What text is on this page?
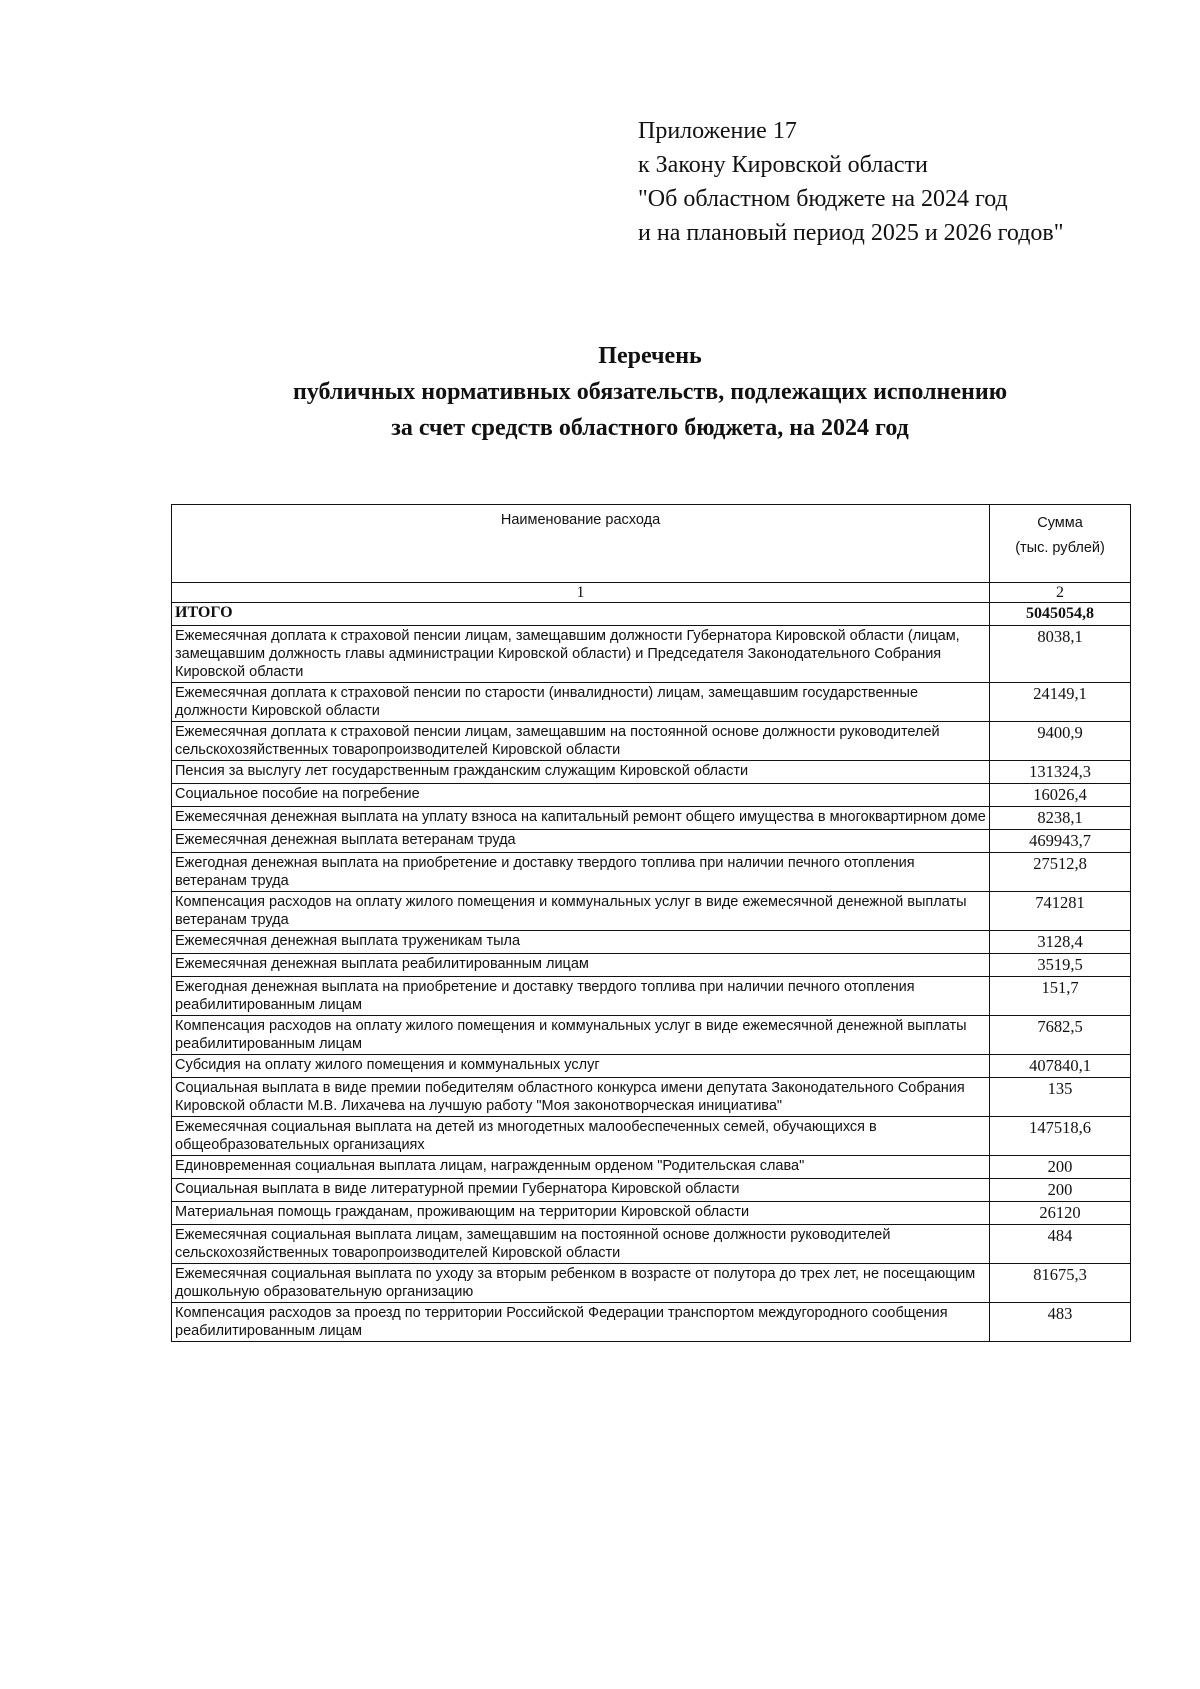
Приложение 17
к Закону Кировской области
"Об областном бюджете на 2024 год
и на плановый период 2025 и 2026 годов"
Перечень
публичных нормативных обязательств, подлежащих исполнению
за счет средств областного бюджета, на 2024 год
Наименование расхода	Сумма
(тыс. рублей)

1	2
ИТОГО	5045054,8
Ежемесячная доплата к страховой пенсии лицам, замещавшим должности Губернатора Кировской области (лицам, замещавшим должность главы администрации Кировской области) и Председателя Законодательного Собрания Кировской области	8038,1
Ежемесячная доплата к страховой пенсии по старости (инвалидности) лицам, замещавшим государственные должности Кировской области	24149,1
Ежемесячная доплата к страховой пенсии лицам, замещавшим на постоянной основе должности руководителей сельскохозяйственных товаропроизводителей Кировской области	9400,9
Пенсия за выслугу лет государственным гражданским служащим Кировской области	131324,3
Социальное пособие на погребение	16026,4
Ежемесячная денежная выплата на уплату взноса на капитальный ремонт общего имущества в многоквартирном доме	8238,1
Ежемесячная денежная выплата ветеранам труда	469943,7
Ежегодная денежная выплата на приобретение и доставку твердого топлива при наличии печного отопления ветеранам труда	27512,8
Компенсация расходов на оплату жилого помещения и коммунальных услуг в виде ежемесячной денежной выплаты ветеранам труда	741281
Ежемесячная денежная выплата труженикам тыла	3128,4
Ежемесячная денежная выплата реабилитированным лицам	3519,5
Ежегодная денежная выплата на приобретение и доставку твердого топлива при наличии печного отопления реабилитированным лицам	151,7
Компенсация расходов на оплату жилого помещения и коммунальных услуг в виде ежемесячной денежной выплаты реабилитированным лицам	7682,5
Субсидия на оплату жилого помещения и коммунальных услуг	407840,1
Социальная выплата в виде премии победителям областного конкурса имени депутата Законодательного Собрания Кировской области М.В. Лихачева на лучшую работу "Моя законотворческая инициатива"	135
Ежемесячная социальная выплата на детей из многодетных малообеспеченных семей, обучающихся в общеобразовательных организациях	147518,6
Единовременная социальная выплата лицам, награжденным орденом "Родительская слава"	200
Социальная выплата в виде литературной премии Губернатора Кировской области	200
Материальная помощь гражданам, проживающим на территории Кировской области	26120
Ежемесячная социальная выплата лицам, замещавшим на постоянной основе должности руководителей сельскохозяйственных товаропроизводителей Кировской области	484
Ежемесячная социальная выплата по уходу за вторым ребенком в возрасте от полутора до трех лет, не посещающим дошкольную образовательную организацию	81675,3
Компенсация расходов за проезд по территории Российской Федерации транспортом междугородного сообщения реабилитированным лицам	483
